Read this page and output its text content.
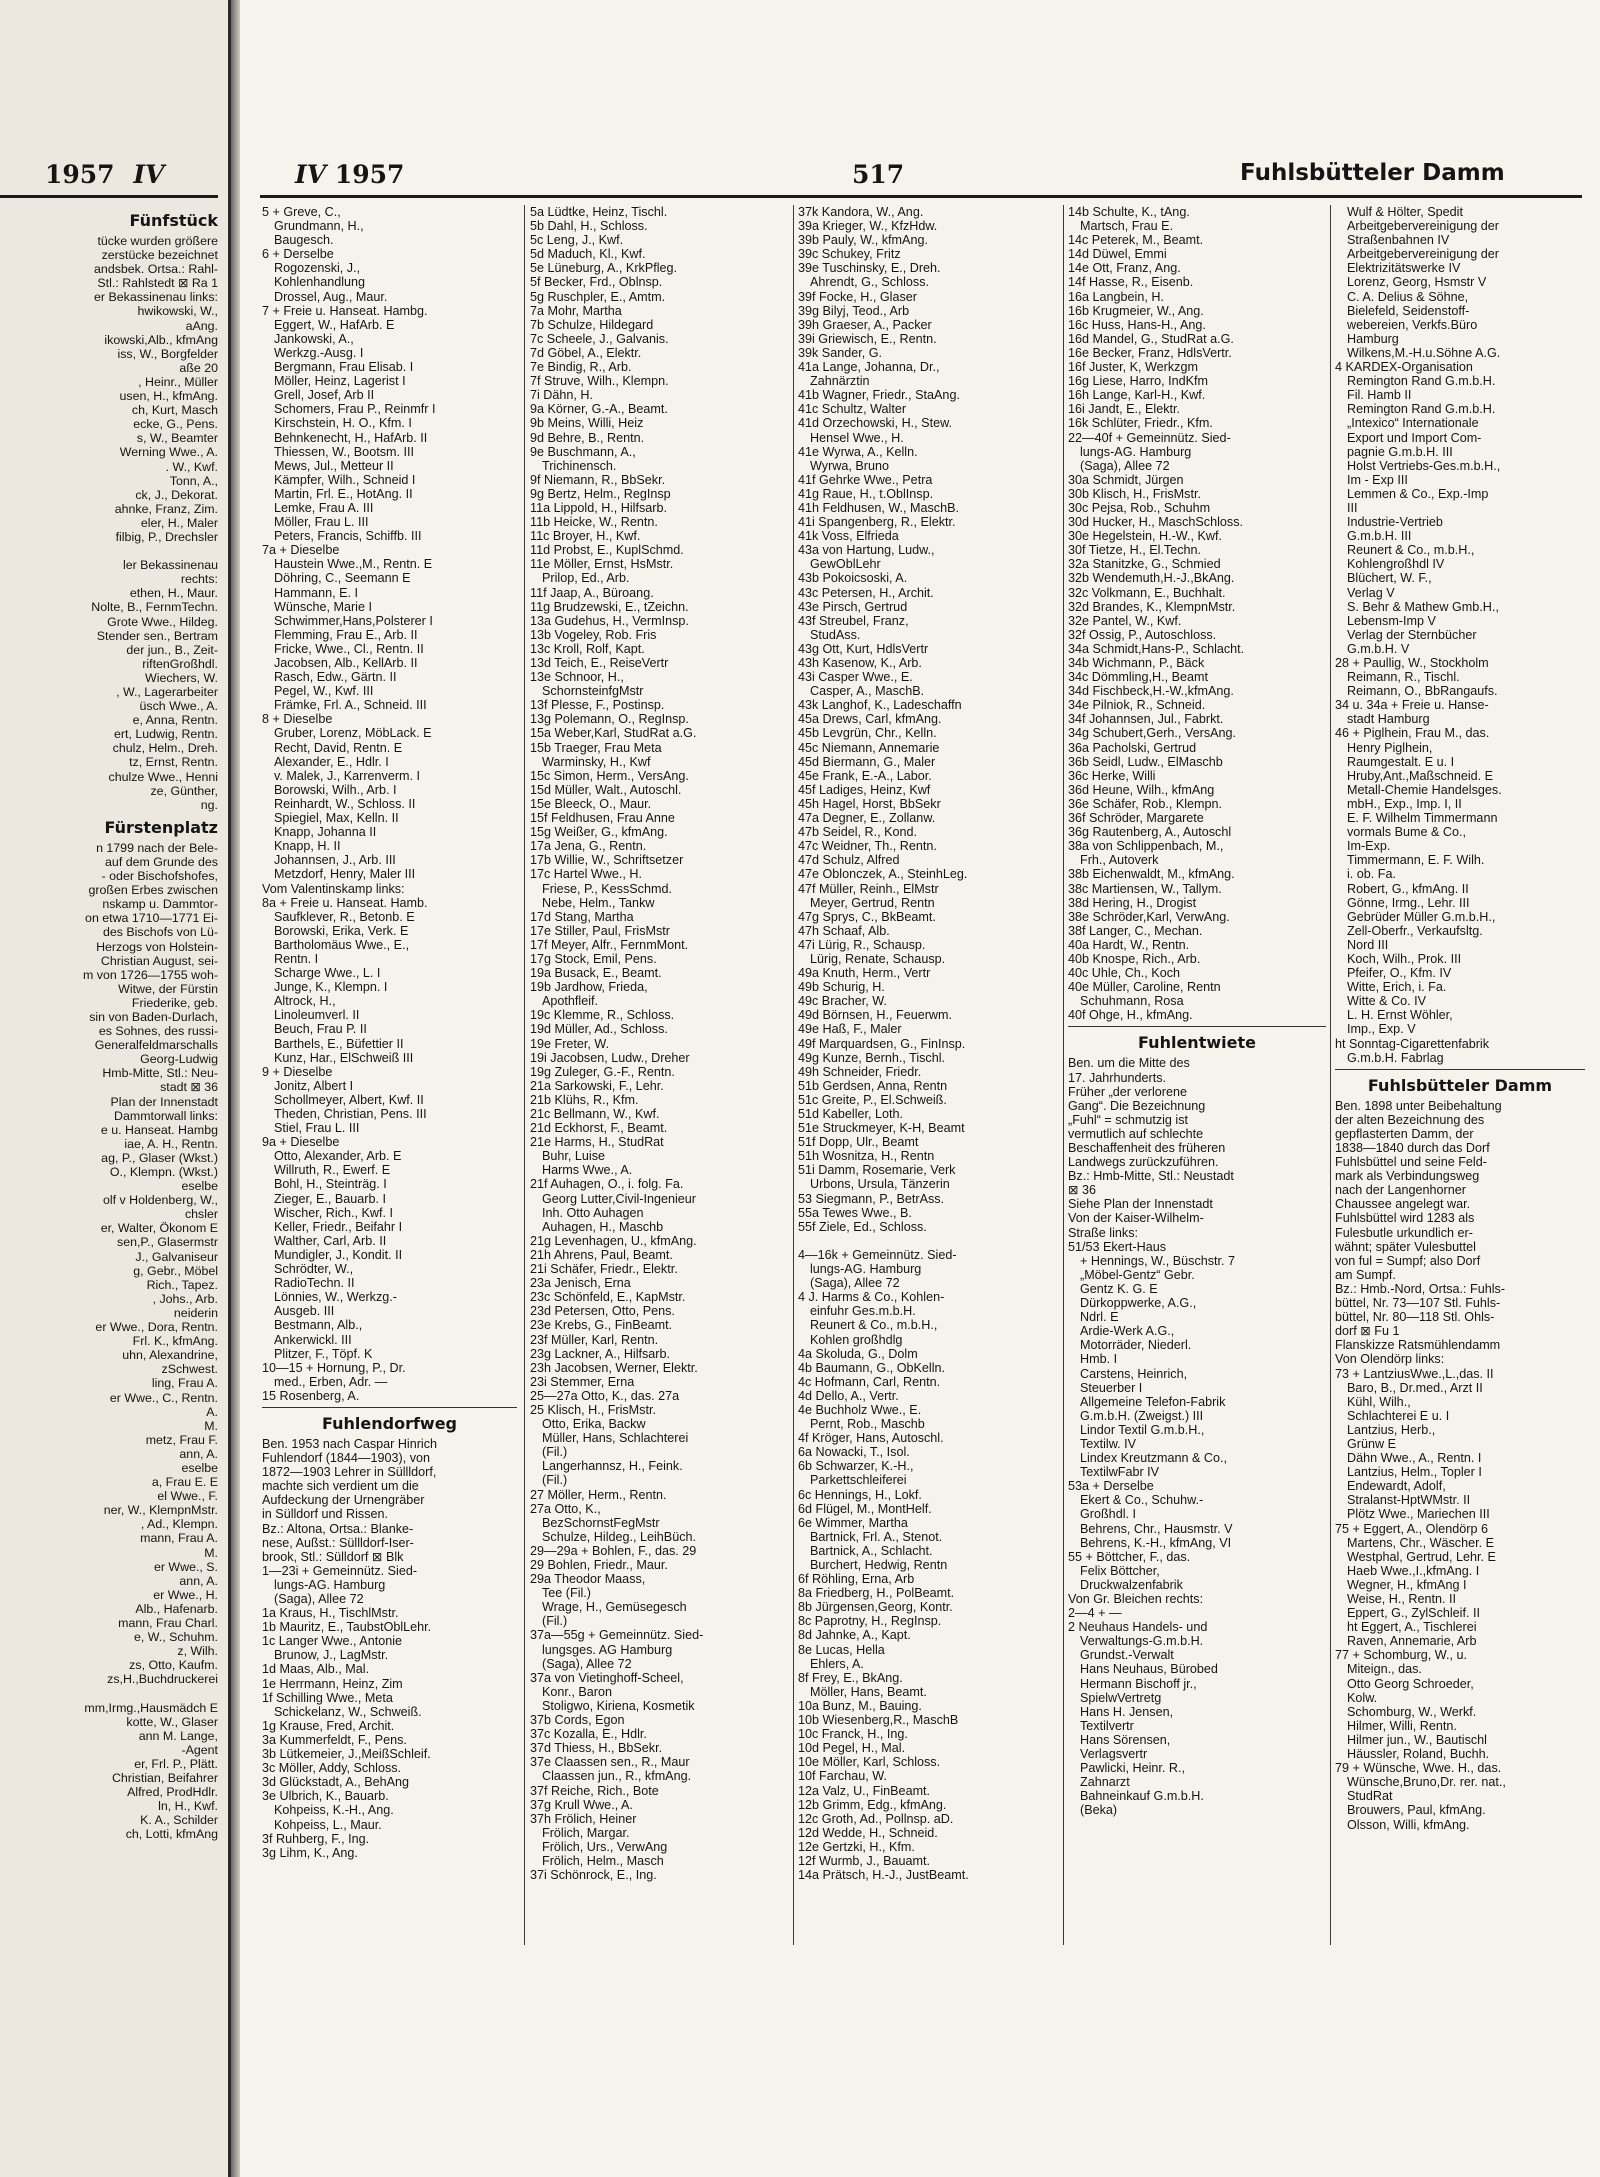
1957 IV
Fünfstück
tücke wurden größere
zerstücke bezeichnet
andsbek. Ortsa.: Rahl-
Stl.: Rahlstedt ⊠ Ra 1
er Bekassinenau links:
hwikowski, W.,
aAng.
ikowski,Alb., kfmAng
iss, W., Borgfelder
aße 20
, Heinr., Müller
usen, H., kfmAng.
ch, Kurt, Masch
ecke, G., Pens.
s, W., Beamter
Werning Wwe., A.
. W., Kwf.
Tonn, A.,
ck, J., Dekorat.
ahnke, Franz, Zim.
eler, H., Maler
filbig, P., Drechsler

ler Bekassinenau
rechts:
ethen, H., Maur.
Nolte, B., FernmTechn.
Grote Wwe., Hildeg.
Stender sen., Bertram
der jun., B., Zeit-
riftenGroßhdl.
Wiechers, W.
, W., Lagerarbeiter
üsch Wwe., A.
e, Anna, Rentn.
ert, Ludwig, Rentn.
chulz, Helm., Dreh.
tz, Ernst, Rentn.
chulze Wwe., Henni
ze, Günther,
ng.
Fürstenplatz
n 1799 nach der Bele-
auf dem Grunde des
- oder Bischofshofes,
großen Erbes zwischen
nskamp u. Dammtor-
on etwa 1710—1771 Ei-
des Bischofs von Lü-
Herzogs von Holstein-
Christian August, sei-
m von 1726—1755 woh-
Witwe, der Fürstin
Friederike, geb.
sin von Baden-Durlach,
es Sohnes, des russi-
Generalfeldmarschalls
Georg-Ludwig
Hmb-Mitte, Stl.: Neu-
stadt ⊠ 36
Plan der Innenstadt
Dammtorwall links:
e u. Hanseat. Hambg
iae, A. H., Rentn.
ag, P., Glaser (Wkst.)
O., Klempn. (Wkst.)
eselbe
olf v Holdenberg, W.,
chsler
er, Walter, Ökonom E
sen,P., Glasermstr
J., Galvaniseur
g, Gebr., Möbel
Rich., Tapez.
, Johs., Arb.
neiderin
er Wwe., Dora, Rentn.
Frl. K., kfmAng.
uhn, Alexandrine,
zSchwest.
ling, Frau A.
er Wwe., C., Rentn.
A.
M.
metz, Frau F.
ann, A.
eselbe
a, Frau E. E
el Wwe., F.
ner, W., KlempnMstr.
, Ad., Klempn.
mann, Frau A.
M.
er Wwe., S.
ann, A.
er Wwe., H.
Alb., Hafenarb.
mann, Frau Charl.
e, W., Schuhm.
z, Wilh.
zs, Otto, Kaufm.
zs,H.,Buchdruckerei

mm,Irmg.,Hausmädch E
kotte, W., Glaser
ann M. Lange,
-Agent
er, Frl. P., Plätt.
Christian, Beifahrer
Alfred, ProdHdlr.
ln, H., Kwf.
K. A., Schilder
ch, Lotti, kfmAng
IV 1957	517	Fuhlsbütteler Damm
5 + Greve, C.,
Grundmann, H.,
Baugesch.
6 + Derselbe
Rogozenski, J.,
Kohlenhandlung
Drossel, Aug., Maur.
7 + Freie u. Hanseat. Hambg.
Eggert, W., HafArb. E
Jankowski, A.,
Werkzg.-Ausg. I
Bergmann, Frau Elisab. I
Möller, Heinz, Lagerist I
Grell, Josef, Arb II
Schomers, Frau P., Reinmfr I
Kirschstein, H. O., Kfm. I
Behnkenecht, H., HafArb. II
Thiessen, W., Bootsm. III
Mews, Jul., Metteur II
Kämpfer, Wilh., Schneid I
Martin, Frl. E., HotAng. II
Lemke, Frau A. III
Möller, Frau L. III
Peters, Francis, Schiffb. III
7a + Dieselbe
Haustein Wwe.,M., Rentn. E
Döhring, C., Seemann E
Hammann, E. I
Wünsche, Marie I
Schwimmer,Hans,Polsterer I
Flemming, Frau E., Arb. II
Fricke, Wwe., Cl., Rentn. II
Jacobsen, Alb., KellArb. II
Rasch, Edw., Gärtn. II
Pegel, W., Kwf. III
Främke, Frl. A., Schneid. III
8 + Dieselbe
Gruber, Lorenz, MöbLack. E
Recht, David, Rentn. E
Alexander, E., Hdlr. I
v. Malek, J., Karrenverm. I
Borowski, Wilh., Arb. I
Reinhardt, W., Schloss. II
Spiegiel, Max, Kelln. II
Knapp, Johanna II
Knapp, H. II
Johannsen, J., Arb. III
Metzdorf, Henry, Maler III
Vom Valentinskamp links:
8a + Freie u. Hanseat. Hamb.
Saufklever, R., Betonb. E
Borowski, Erika, Verk. E
Bartholomäus Wwe., E.,
Rentn. I
Scharge Wwe., L. I
Junge, K., Klempn. I
Altrock, H.,
Linoleumverl. II
Beuch, Frau P. II
Barthels, E., Büfettier II
Kunz, Har., ElSchweiß III
9 + Dieselbe
Jonitz, Albert I
Schollmeyer, Albert, Kwf. II
Theden, Christian, Pens. III
Stiel, Frau L. III
9a + Dieselbe
Otto, Alexander, Arb. E
Willruth, R., Ewerf. E
Bohl, H., Steinträg. I
Zieger, E., Bauarb. I
Wischer, Rich., Kwf. I
Keller, Friedr., Beifahr I
Walther, Carl, Arb. II
Mundigler, J., Kondit. II
Schrödter, W.,
RadioTechn. II
Lönnies, W., Werkzg.-
Ausgeb. III
Bestmann, Alb.,
Ankerwickl. III
Plitzer, F., Töpf. K
10—15 + Hornung, P., Dr.
med., Erben, Adr. —
15 Rosenberg, A.
Fuhlendorfweg
Ben. 1953 nach Caspar Hinrich
Fuhlendorf (1844—1903), von
1872—1903 Lehrer in Süllldorf,
machte sich verdient um die
Aufdeckung der Urnengräber
in Sülldorf und Rissen.
Bz.: Altona, Ortsa.: Blanke-
nese, Außst.: Süllldorf-Iser-
brook, Stl.: Sülldorf ⊠ Blk
1—23i + Gemeinnütz. Sied-
lungs-AG. Hamburg
(Saga), Allee 72
1a Kraus, H., TischlMstr.
1b Mauritz, E., TaubstOblLehr.
1c Langer Wwe., Antonie
Brunow, J., LagMstr.
1d Maas, Alb., Mal.
1e Herrmann, Heinz, Zim
1f Schilling Wwe., Meta
Schickelanz, W., Schweiß.
1g Krause, Fred, Archit.
3a Kummerfeldt, F., Pens.
3b Lütkemeier, J.,MeißSchleif.
3c Möller, Addy, Schloss.
3d Glückstadt, A., BehAng
3e Ulbrich, K., Bauarb.
Kohpeiss, K.-H., Ang.
Kohpeiss, L., Maur.
3f Ruhberg, F., Ing.
3g Lihm, K., Ang.
5a Lüdtke, Heinz, Tischl.
5b Dahl, H., Schloss.
5c Leng, J., Kwf.
5d Maduch, Kl., Kwf.
5e Lüneburg, A., KrkPfleg.
5f Becker, Frd., Oblnsp.
5g Ruschpler, E., Amtm.
7a Mohr, Martha
7b Schulze, Hildegard
7c Scheele, J., Galvanis.
7d Göbel, A., Elektr.
7e Bindig, R., Arb.
7f Struve, Wilh., Klempn.
7i Dähn, H.
9a Körner, G.-A., Beamt.
9b Meins, Willi, Heiz
9d Behre, B., Rentn.
9e Buschmann, A.,
Trichinensch.
9f Niemann, R., BbSekr.
9g Bertz, Helm., RegInsp
11a Lippold, H., Hilfsarb.
11b Heicke, W., Rentn.
11c Broyer, H., Kwf.
11d Probst, E., KuplSchmd.
11e Möller, Ernst, HsMstr.
Prilop, Ed., Arb.
11f Jaap, A., Büroang.
11g Brudzewski, E., tZeichn.
13a Gudehus, H., VermInsp.
13b Vogeley, Rob. Fris
13c Kroll, Rolf, Kapt.
13d Teich, E., ReiseVertr
13e Schnoor, H.,
SchornsteinfgMstr
13f Plesse, F., Postinsp.
13g Polemann, O., RegInsp.
15a Weber,Karl, StudRat a.G.
15b Traeger, Frau Meta
Warminsky, H., Kwf
15c Simon, Herm., VersAng.
15d Müller, Walt., Autoschl.
15e Bleeck, O., Maur.
15f Feldhusen, Frau Anne
15g Weißer, G., kfmAng.
17a Jena, G., Rentn.
17b Willie, W., Schriftsetzer
17c Hartel Wwe., H.
Friese, P., KessSchmd.
Nebe, Helm., Tankw
17d Stang, Martha
17e Stiller, Paul, FrisMstr
17f Meyer, Alfr., FernmMont.
17g Stock, Emil, Pens.
19a Busack, E., Beamt.
19b Jardhow, Frieda,
Apothfleif.
19c Klemme, R., Schloss.
19d Müller, Ad., Schloss.
19e Freter, W.
19i Jacobsen, Ludw., Dreher
19g Zuleger, G.-F., Rentn.
21a Sarkowski, F., Lehr.
21b Klühs, R., Kfm.
21c Bellmann, W., Kwf.
21d Eckhorst, F., Beamt.
21e Harms, H., StudRat
Buhr, Luise
Harms Wwe., A.
21f Auhagen, O., i. folg. Fa.
Georg Lutter,Civil-Ingenieur
Inh. Otto Auhagen
Auhagen, H., Maschb
21g Levenhagen, U., kfmAng.
21h Ahrens, Paul, Beamt.
21i Schäfer, Friedr., Elektr.
23a Jenisch, Erna
23c Schönfeld, E., KapMstr.
23d Petersen, Otto, Pens.
23e Krebs, G., FinBeamt.
23f Müller, Karl, Rentn.
23g Lackner, A., Hilfsarb.
23h Jacobsen, Werner, Elektr.
23i Stemmer, Erna
25—27a Otto, K., das. 27a
25 Klisch, H., FrisMstr.
Otto, Erika, Backw
Müller, Hans, Schlachterei
(Fil.)
Langerhannsz, H., Feink.
(Fil.)
27 Möller, Herm., Rentn.
27a Otto, K.,
BezSchornstFegMstr
Schulze, Hildeg., LeihBüch.
29—29a + Bohlen, F., das. 29
29 Bohlen, Friedr., Maur.
29a Theodor Maass,
Tee (Fil.)
Wrage, H., Gemüsegesch
(Fil.)
37a—55g + Gemeinnütz. Sied-
lungsges. AG Hamburg
(Saga), Allee 72
37a von Vietinghoff-Scheel,
Konr., Baron
Stoligwo, Kiriena, Kosmetik
37b Cords, Egon
37c Kozalla, E., Hdlr.
37d Thiess, H., BbSekr.
37e Claassen sen., R., Maur
Claassen jun., R., kfmAng.
37f Reiche, Rich., Bote
37g Krull Wwe., A.
37h Frölich, Heiner
Frölich, Margar.
Frölich, Urs., VerwAng
Frölich, Helm., Masch
37i Schönrock, E., Ing.
37k Kandora, W., Ang.
39a Krieger, W., KfzHdw.
39b Pauly, W., kfmAng.
39c Schukey, Fritz
39e Tuschinsky, E., Dreh.
Ahrendt, G., Schloss.
39f Focke, H., Glaser
39g Bilyj, Teod., Arb
39h Graeser, A., Packer
39i Griewisch, E., Rentn.
39k Sander, G.
41a Lange, Johanna, Dr.,
Zahnärztin
41b Wagner, Friedr., StaAng.
41c Schultz, Walter
41d Orzechowski, H., Stew.
Hensel Wwe., H.
41e Wyrwa, A., Kelln.
Wyrwa, Bruno
41f Gehrke Wwe., Petra
41g Raue, H., t.OblInsp.
41h Feldhusen, W., MaschB.
41i Spangenberg, R., Elektr.
41k Voss, Elfrieda
43a von Hartung, Ludw.,
GewOblLehr
43b Pokoicsoski, A.
43c Petersen, H., Archit.
43e Pirsch, Gertrud
43f Streubel, Franz,
StudAss.
43g Ott, Kurt, HdlsVertr
43h Kasenow, K., Arb.
43i Casper Wwe., E.
Casper, A., MaschB.
43k Langhof, K., Ladeschaffn
45a Drews, Carl, kfmAng.
45b Levgrün, Chr., Kelln.
45c Niemann, Annemarie
45d Biermann, G., Maler
45e Frank, E.-A., Labor.
45f Ladiges, Heinz, Kwf
45h Hagel, Horst, BbSekr
47a Degner, E., Zollanw.
47b Seidel, R., Kond.
47c Weidner, Th., Rentn.
47d Schulz, Alfred
47e Oblonczek, A., SteinhLeg.
47f Müller, Reinh., ElMstr
Meyer, Gertrud, Rentn
47g Sprys, C., BkBeamt.
47h Schaaf, Alb.
47i Lürig, R., Schausp.
Lürig, Renate, Schausp.
49a Knuth, Herm., Vertr
49b Schurig, H.
49c Bracher, W.
49d Börnsen, H., Feuerwm.
49e Haß, F., Maler
49f Marquardsen, G., FinInsp.
49g Kunze, Bernh., Tischl.
49h Schneider, Friedr.
51b Gerdsen, Anna, Rentn
51c Greite, P., El.Schweiß.
51d Kabeller, Loth.
51e Struckmeyer, K-H, Beamt
51f Dopp, Ulr., Beamt
51h Wosnitza, H., Rentn
51i Damm, Rosemarie, Verk
Urbons, Ursula, Tänzerin
53 Siegmann, P., BetrAss.
55a Tewes Wwe., B.
55f Ziele, Ed., Schloss.

4—16k + Gemeinnütz. Sied-
lungs-AG. Hamburg
(Saga), Allee 72
4 J. Harms & Co., Kohlen-
einfuhr Ges.m.b.H.
Reunert & Co., m.b.H.,
Kohlen großhdlg
4a Skoluda, G., Dolm
4b Baumann, G., ObKelln.
4c Hofmann, Carl, Rentn.
4d Dello, A., Vertr.
4e Buchholz Wwe., E.
Pernt, Rob., Maschb
4f Kröger, Hans, Autoschl.
6a Nowacki, T., Isol.
6b Schwarzer, K.-H.,
Parkettschleiferei
6c Hennings, H., Lokf.
6d Flügel, M., MontHelf.
6e Wimmer, Martha
Bartnick, Frl. A., Stenot.
Bartnick, A., Schlacht.
Burchert, Hedwig, Rentn
6f Röhling, Erna, Arb
8a Friedberg, H., PolBeamt.
8b Jürgensen,Georg, Kontr.
8c Paprotny, H., RegInsp.
8d Jahnke, A., Kapt.
8e Lucas, Hella
Ehlers, A.
8f Frey, E., BkAng.
Möller, Hans, Beamt.
10a Bunz, M., Bauing.
10b Wiesenberg,R., MaschB
10c Franck, H., Ing.
10d Pegel, H., Mal.
10e Möller, Karl, Schloss.
10f Farchau, W.
12a Valz, U., FinBeamt.
12b Grimm, Edg., kfmAng.
12c Groth, Ad., Pollnsp. aD.
12d Wedde, H., Schneid.
12e Gertzki, H., Kfm.
12f Wurmb, J., Bauamt.
14a Prätsch, H.-J., JustBeamt.
14b Schulte, K., tAng.
Martsch, Frau E.
14c Peterek, M., Beamt.
14d Düwel, Emmi
14e Ott, Franz, Ang.
14f Hasse, R., Eisenb.
16a Langbein, H.
16b Krugmeier, W., Ang.
16c Huss, Hans-H., Ang.
16d Mandel, G., StudRat a.G.
16e Becker, Franz, HdlsVertr.
16f Juster, K, Werkzgm
16g Liese, Harro, IndKfm
16h Lange, Karl-H., Kwf.
16i Jandt, E., Elektr.
16k Schlüter, Friedr., Kfm.
22—40f + Gemeinnütz. Sied-
lungs-AG. Hamburg
(Saga), Allee 72
30a Schmidt, Jürgen
30b Klisch, H., FrisMstr.
30c Pejsa, Rob., Schuhm
30d Hucker, H., MaschSchloss.
30e Hegelstein, H.-W., Kwf.
30f Tietze, H., El.Techn.
32a Stanitzke, G., Schmied
32b Wendemuth,H.-J.,BkAng.
32c Volkmann, E., Buchhalt.
32d Brandes, K., KlempnMstr.
32e Pantel, W., Kwf.
32f Ossig, P., Autoschloss.
34a Schmidt,Hans-P., Schlacht.
34b Wichmann, P., Bäck
34c Dömmling,H., Beamt
34d Fischbeck,H.-W.,kfmAng.
34e Pilniok, R., Schneid.
34f Johannsen, Jul., Fabrkt.
34g Schubert,Gerh., VersAng.
36a Pacholski, Gertrud
36b Seidl, Ludw., ElMaschb
36c Herke, Willi
36d Heune, Wilh., kfmAng
36e Schäfer, Rob., Klempn.
36f Schröder, Margarete
36g Rautenberg, A., Autoschl
38a von Schlippenbach, M.,
Frh., Autoverk
38b Eichenwaldt, M., kfmAng.
38c Martiensen, W., Tallym.
38d Hering, H., Drogist
38e Schröder,Karl, VerwAng.
38f Langer, C., Mechan.
40a Hardt, W., Rentn.
40b Knospe, Rich., Arb.
40c Uhle, Ch., Koch
40e Müller, Caroline, Rentn
Schuhmann, Rosa
40f Ohge, H., kfmAng.
Fuhlentwiete
Ben. um die Mitte des
17. Jahrhunderts.
Früher „der verlorene
Gang“. Die Bezeichnung
„Fuhl“ = schmutzig ist
vermutlich auf schlechte
Beschaffenheit des früheren
Landwegs zurückzuführen.
Bz.: Hmb-Mitte, Stl.: Neustadt
⊠ 36
Siehe Plan der Innenstadt
Von der Kaiser-Wilhelm-
Straße links:
51/53 Ekert-Haus
+ Hennings, W., Büschstr. 7
„Möbel-Gentz“ Gebr.
Gentz K. G. E
Dürkoppwerke, A.G.,
Ndrl. E
Ardie-Werk A.G.,
Motorräder, Niederl.
Hmb. I
Carstens, Heinrich,
Steuerber I
Allgemeine Telefon-Fabrik
G.m.b.H. (Zweigst.) III
Lindor Textil G.m.b.H.,
Textilw. IV
Lindex Kreutzmann & Co.,
TextilwFabr IV
53a + Derselbe
Ekert & Co., Schuhw.-
Großhdl. I
Behrens, Chr., Hausmstr. V
Behrens, K.-H., kfmAng, VI
55 + Böttcher, F., das.
Felix Böttcher,
Druckwalzenfabrik
Von Gr. Bleichen rechts:
2—4 + —
2 Neuhaus Handels- und
Verwaltungs-G.m.b.H.
Grundst.-Verwalt
Hans Neuhaus, Bürobed
Hermann Bischoff jr.,
SpielwVertretg
Hans H. Jensen,
Textilvertr
Hans Sörensen,
Verlagsvertr
Pawlicki, Heinr. R.,
Zahnarzt
Bahneinkauf G.m.b.H.
(Beka)
Wulf & Hölter, Spedit
Arbeitgebervereinigung der
Straßenbahnen IV
Arbeitgebervereinigung der
Elektrizitätswerke IV
Lorenz, Georg, Hsmstr V
C. A. Delius & Söhne,
Bielefeld, Seidenstoff-
webereien, Verkfs.Büro
Hamburg
Wilkens,M.-H.u.Söhne A.G.
4 KARDEX-Organisation
Remington Rand G.m.b.H.
Fil. Hamb II
Remington Rand G.m.b.H.
„Intexico“ Internationale
Export und Import Com-
pagnie G.m.b.H. III
Holst Vertriebs-Ges.m.b.H.,
Im - Exp III
Lemmen & Co., Exp.-Imp
III
Industrie-Vertrieb
G.m.b.H. III
Reunert & Co., m.b.H.,
Kohlengroßhdl IV
Blüchert, W. F.,
Verlag V
S. Behr & Mathew Gmb.H.,
Lebensm-Imp V
Verlag der Sternbücher
G.m.b.H. V
28 + Paullig, W., Stockholm
Reimann, R., Tischl.
Reimann, O., BbRangaufs.
34 u. 34a + Freie u. Hanse-
stadt Hamburg
46 + Piglhein, Frau M., das.
Henry Piglhein,
Raumgestalt. E u. I
Hruby,Ant.,Maßschneid. E
Metall-Chemie Handelsges.
mbH., Exp., Imp. I, II
E. F. Wilhelm Timmermann
vormals Bume & Co.,
Im-Exp.
Timmermann, E. F. Wilh.
i. ob. Fa.
Robert, G., kfmAng. II
Gönne, Irmg., Lehr. III
Gebrüder Müller G.m.b.H.,
Zell-Oberfr., Verkaufsltg.
Nord III
Koch, Wilh., Prok. III
Pfeifer, O., Kfm. IV
Witte, Erich, i. Fa.
Witte & Co. IV
L. H. Ernst Wöhler,
Imp., Exp. V
ht Sonntag-Cigarettenfabrik
G.m.b.H. Fabrlag
Fuhlsbütteler Damm
Ben. 1898 unter Beibehaltung
der alten Bezeichnung des
gepflasterten Damm, der
1838—1840 durch das Dorf
Fuhlsbüttel und seine Feld-
mark als Verbindungsweg
nach der Langenhorner
Chaussee angelegt war.
Fuhlsbüttel wird 1283 als
Fulesbutle urkundlich er-
wähnt; später Vulesbuttel
von ful = Sumpf; also Dorf
am Sumpf.
Bz.: Hmb.-Nord, Ortsa.: Fuhls-
büttel, Nr. 73—107 Stl. Fuhls-
büttel, Nr. 80—118 Stl. Ohls-
dorf ⊠ Fu 1
Flanskizze Ratsmühlendamm
Von Olendörp links:
73 + LantziusWwe.,L.,das. II
Baro, B., Dr.med., Arzt II
Kühl, Wilh.,
Schlachterei E u. I
Lantzius, Herb.,
Grünw E
Dähn Wwe., A., Rentn. I
Lantzius, Helm., Topler I
Endewardt, Adolf,
Stralanst-HptWMstr. II
Plötz Wwe., Mariechen III
75 + Eggert, A., Olendörp 6
Martens, Chr., Wäscher. E
Westphal, Gertrud, Lehr. E
Haeb Wwe.,I.,kfmAng. I
Wegner, H., kfmAng I
Weise, H., Rentn. II
Eppert, G., ZylSchleif. II
ht Eggert, A., Tischlerei
Raven, Annemarie, Arb
77 + Schomburg, W., u.
Miteign., das.
Otto Georg Schroeder,
Kolw.
Schomburg, W., Werkf.
Hilmer, Willi, Rentn.
Hilmer jun., W., Bautischl
Häussler, Roland, Buchh.
79 + Wünsche, Wwe. H., das.
Wünsche,Bruno,Dr. rer. nat.,
StudRat
Brouwers, Paul, kfmAng.
Olsson, Willi, kfmAng.
